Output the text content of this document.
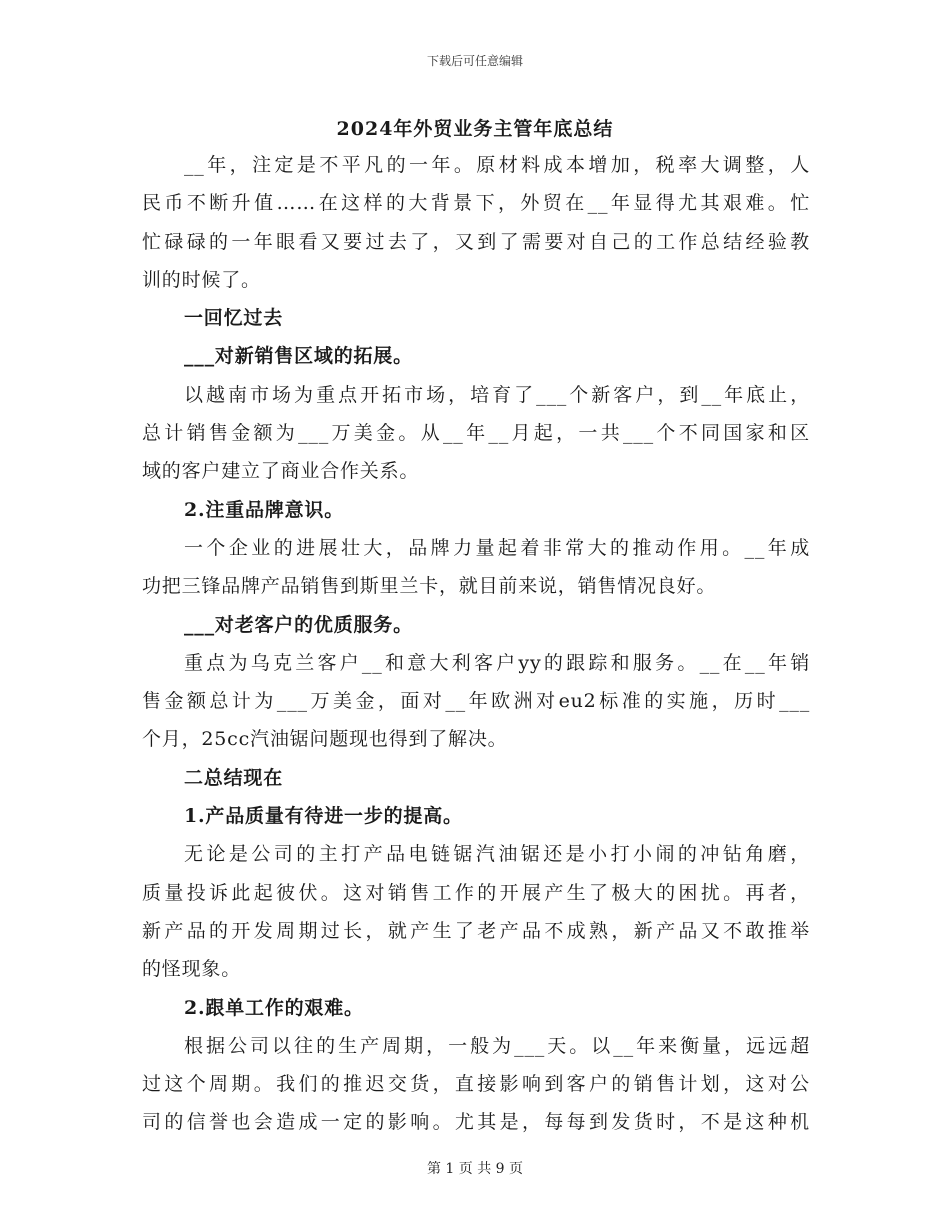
下载后可任意编辑
2024年外贸业务主管年底总结
__年，注定是不平凡的一年。原材料成本增加，税率大调整，人
民币不断升值……在这样的大背景下，外贸在__年显得尤其艰难。忙
忙碌碌的一年眼看又要过去了，又到了需要对自己的工作总结经验教
训的时候了。
一回忆过去
___对新销售区域的拓展。
以越南市场为重点开拓市场，培育了___个新客户，到__年底止，
总计销售金额为___万美金。从__年__月起，一共___个不同国家和区
域的客户建立了商业合作关系。
2.注重品牌意识。
一个企业的进展壮大，品牌力量起着非常大的推动作用。__年成
功把三锋品牌产品销售到斯里兰卡，就目前来说，销售情况良好。
___对老客户的优质服务。
重点为乌克兰客户__和意大利客户yy的跟踪和服务。__在__年销
售金额总计为___万美金，面对__年欧洲对eu2标准的实施，历时___
个月，25cc汽油锯问题现也得到了解决。
二总结现在
1.产品质量有待进一步的提高。
无论是公司的主打产品电链锯汽油锯还是小打小闹的冲钻角磨，
质量投诉此起彼伏。这对销售工作的开展产生了极大的困扰。再者，
新产品的开发周期过长，就产生了老产品不成熟，新产品又不敢推举
的怪现象。
2.跟单工作的艰难。
根据公司以往的生产周期，一般为___天。以__年来衡量，远远超
过这个周期。我们的推迟交货，直接影响到客户的销售计划，这对公
司的信誉也会造成一定的影响。尤其是，每每到发货时，不是这种机
第 1 页 共 9 页
